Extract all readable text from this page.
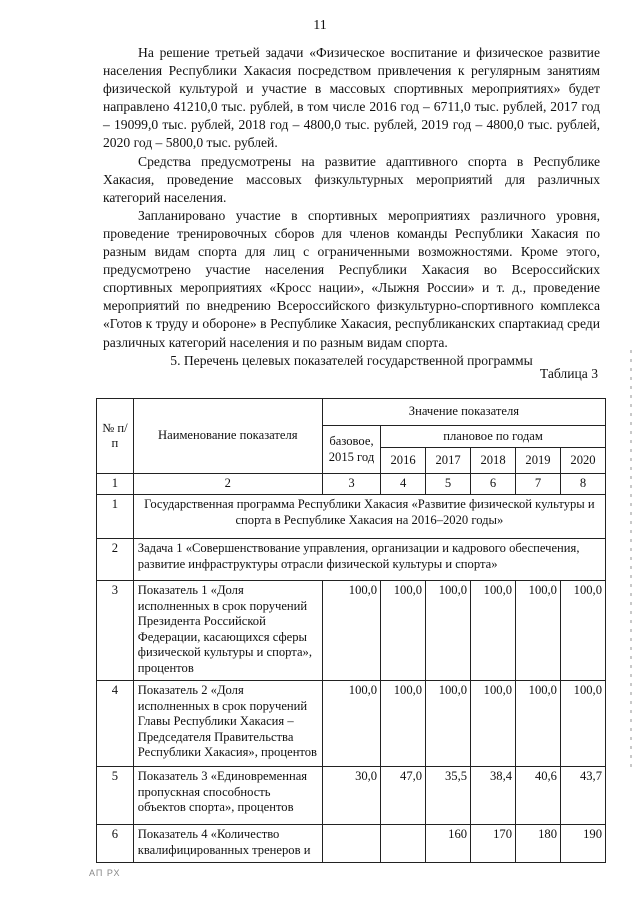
11

На решение третьей задачи «Физическое воспитание и физическое развитие населения Республики Хакасия посредством привлечения к регулярным занятиям физической культурой и участие в массовых спортивных мероприятиях» будет направлено 41210,0 тыс. рублей, в том числе 2016 год – 6711,0 тыс. рублей, 2017 год – 19099,0 тыс. рублей, 2018 год – 4800,0 тыс. рублей, 2019 год – 4800,0 тыс. рублей, 2020 год – 5800,0 тыс. рублей.

Средства предусмотрены на развитие адаптивного спорта в Республике Хакасия, проведение массовых физкультурных мероприятий для различных категорий населения.

Запланировано участие в спортивных мероприятиях различного уровня, проведение тренировочных сборов для членов команды Республики Хакасия по разным видам спорта для лиц с ограниченными возможностями. Кроме этого, предусмотрено участие населения Республики Хакасия во Всероссийских спортивных мероприятиях «Кросс нации», «Лыжня России» и т. д., проведение мероприятий по внедрению Всероссийского физкультурно-спортивного комплекса «Готов к труду и обороне» в Республике Хакасия, республиканских спартакиад среди различных категорий населения и по разным видам спорта.

5. Перечень целевых показателей государственной программы

Таблица 3
№ п/п	Наименование показателя	Значение показателя					
		базовое, 2015 год	плановое по годам				
			2016	2017	2018	2019	2020
1	2	3	4	5	6	7	8
1	Государственная программа Республики Хакасия «Развитие физической культуры и спорта в Республике Хакасия на 2016–2020 годы»						
2	Задача 1 «Совершенствование управления, организации и кадрового обеспечения, развитие инфраструктуры отрасли физической культуры и спорта»						
3	Показатель 1 «Доля исполненных в срок поручений Президента Российской Федерации, касающихся сферы физической культуры и спорта», процентов	100,0	100,0	100,0	100,0	100,0	100,0
4	Показатель 2 «Доля исполненных в срок поручений Главы Республики Хакасия – Председателя Правительства Республики Хакасия», процентов	100,0	100,0	100,0	100,0	100,0	100,0
5	Показатель 3 «Единовременная пропускная способность объектов спорта», процентов	30,0	47,0	35,5	38,4	40,6	43,7
6	Показатель 4 «Количество квалифицированных тренеров и			160	170	180	190
АП РХ
